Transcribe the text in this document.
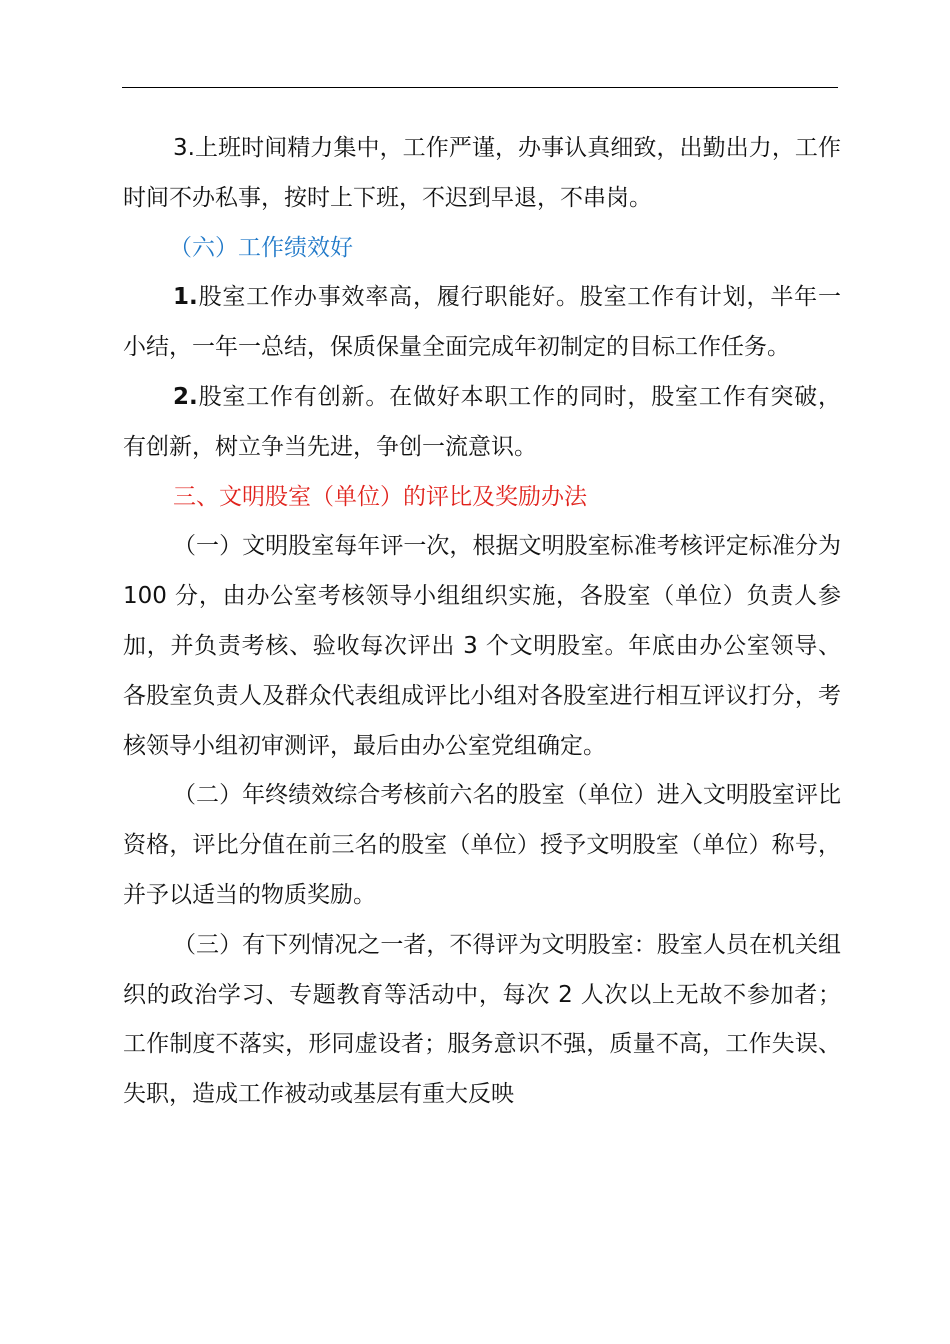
3.上班时间精力集中，工作严谨，办事认真细致，出勤出力，工作时间不办私事，按时上下班，不迟到早退，不串岗。

（六）工作绩效好

1.股室工作办事效率高，履行职能好。股室工作有计划，半年一小结，一年一总结，保质保量全面完成年初制定的目标工作任务。

2.股室工作有创新。在做好本职工作的同时，股室工作有突破，有创新，树立争当先进，争创一流意识。

三、文明股室（单位）的评比及奖励办法

（一）文明股室每年评一次，根据文明股室标准考核评定标准分为 100 分，由办公室考核领导小组组织实施，各股室（单位）负责人参加，并负责考核、验收每次评出 3 个文明股室。年底由办公室领导、各股室负责人及群众代表组成评比小组对各股室进行相互评议打分，考核领导小组初审测评，最后由办公室党组确定。

（二）年终绩效综合考核前六名的股室（单位）进入文明股室评比资格，评比分值在前三名的股室（单位）授予文明股室（单位）称号，并予以适当的物质奖励。

（三）有下列情况之一者，不得评为文明股室：股室人员在机关组织的政治学习、专题教育等活动中，每次 2 人次以上无故不参加者；工作制度不落实，形同虚设者；服务意识不强，质量不高，工作失误、失职，造成工作被动或基层有重大反映
